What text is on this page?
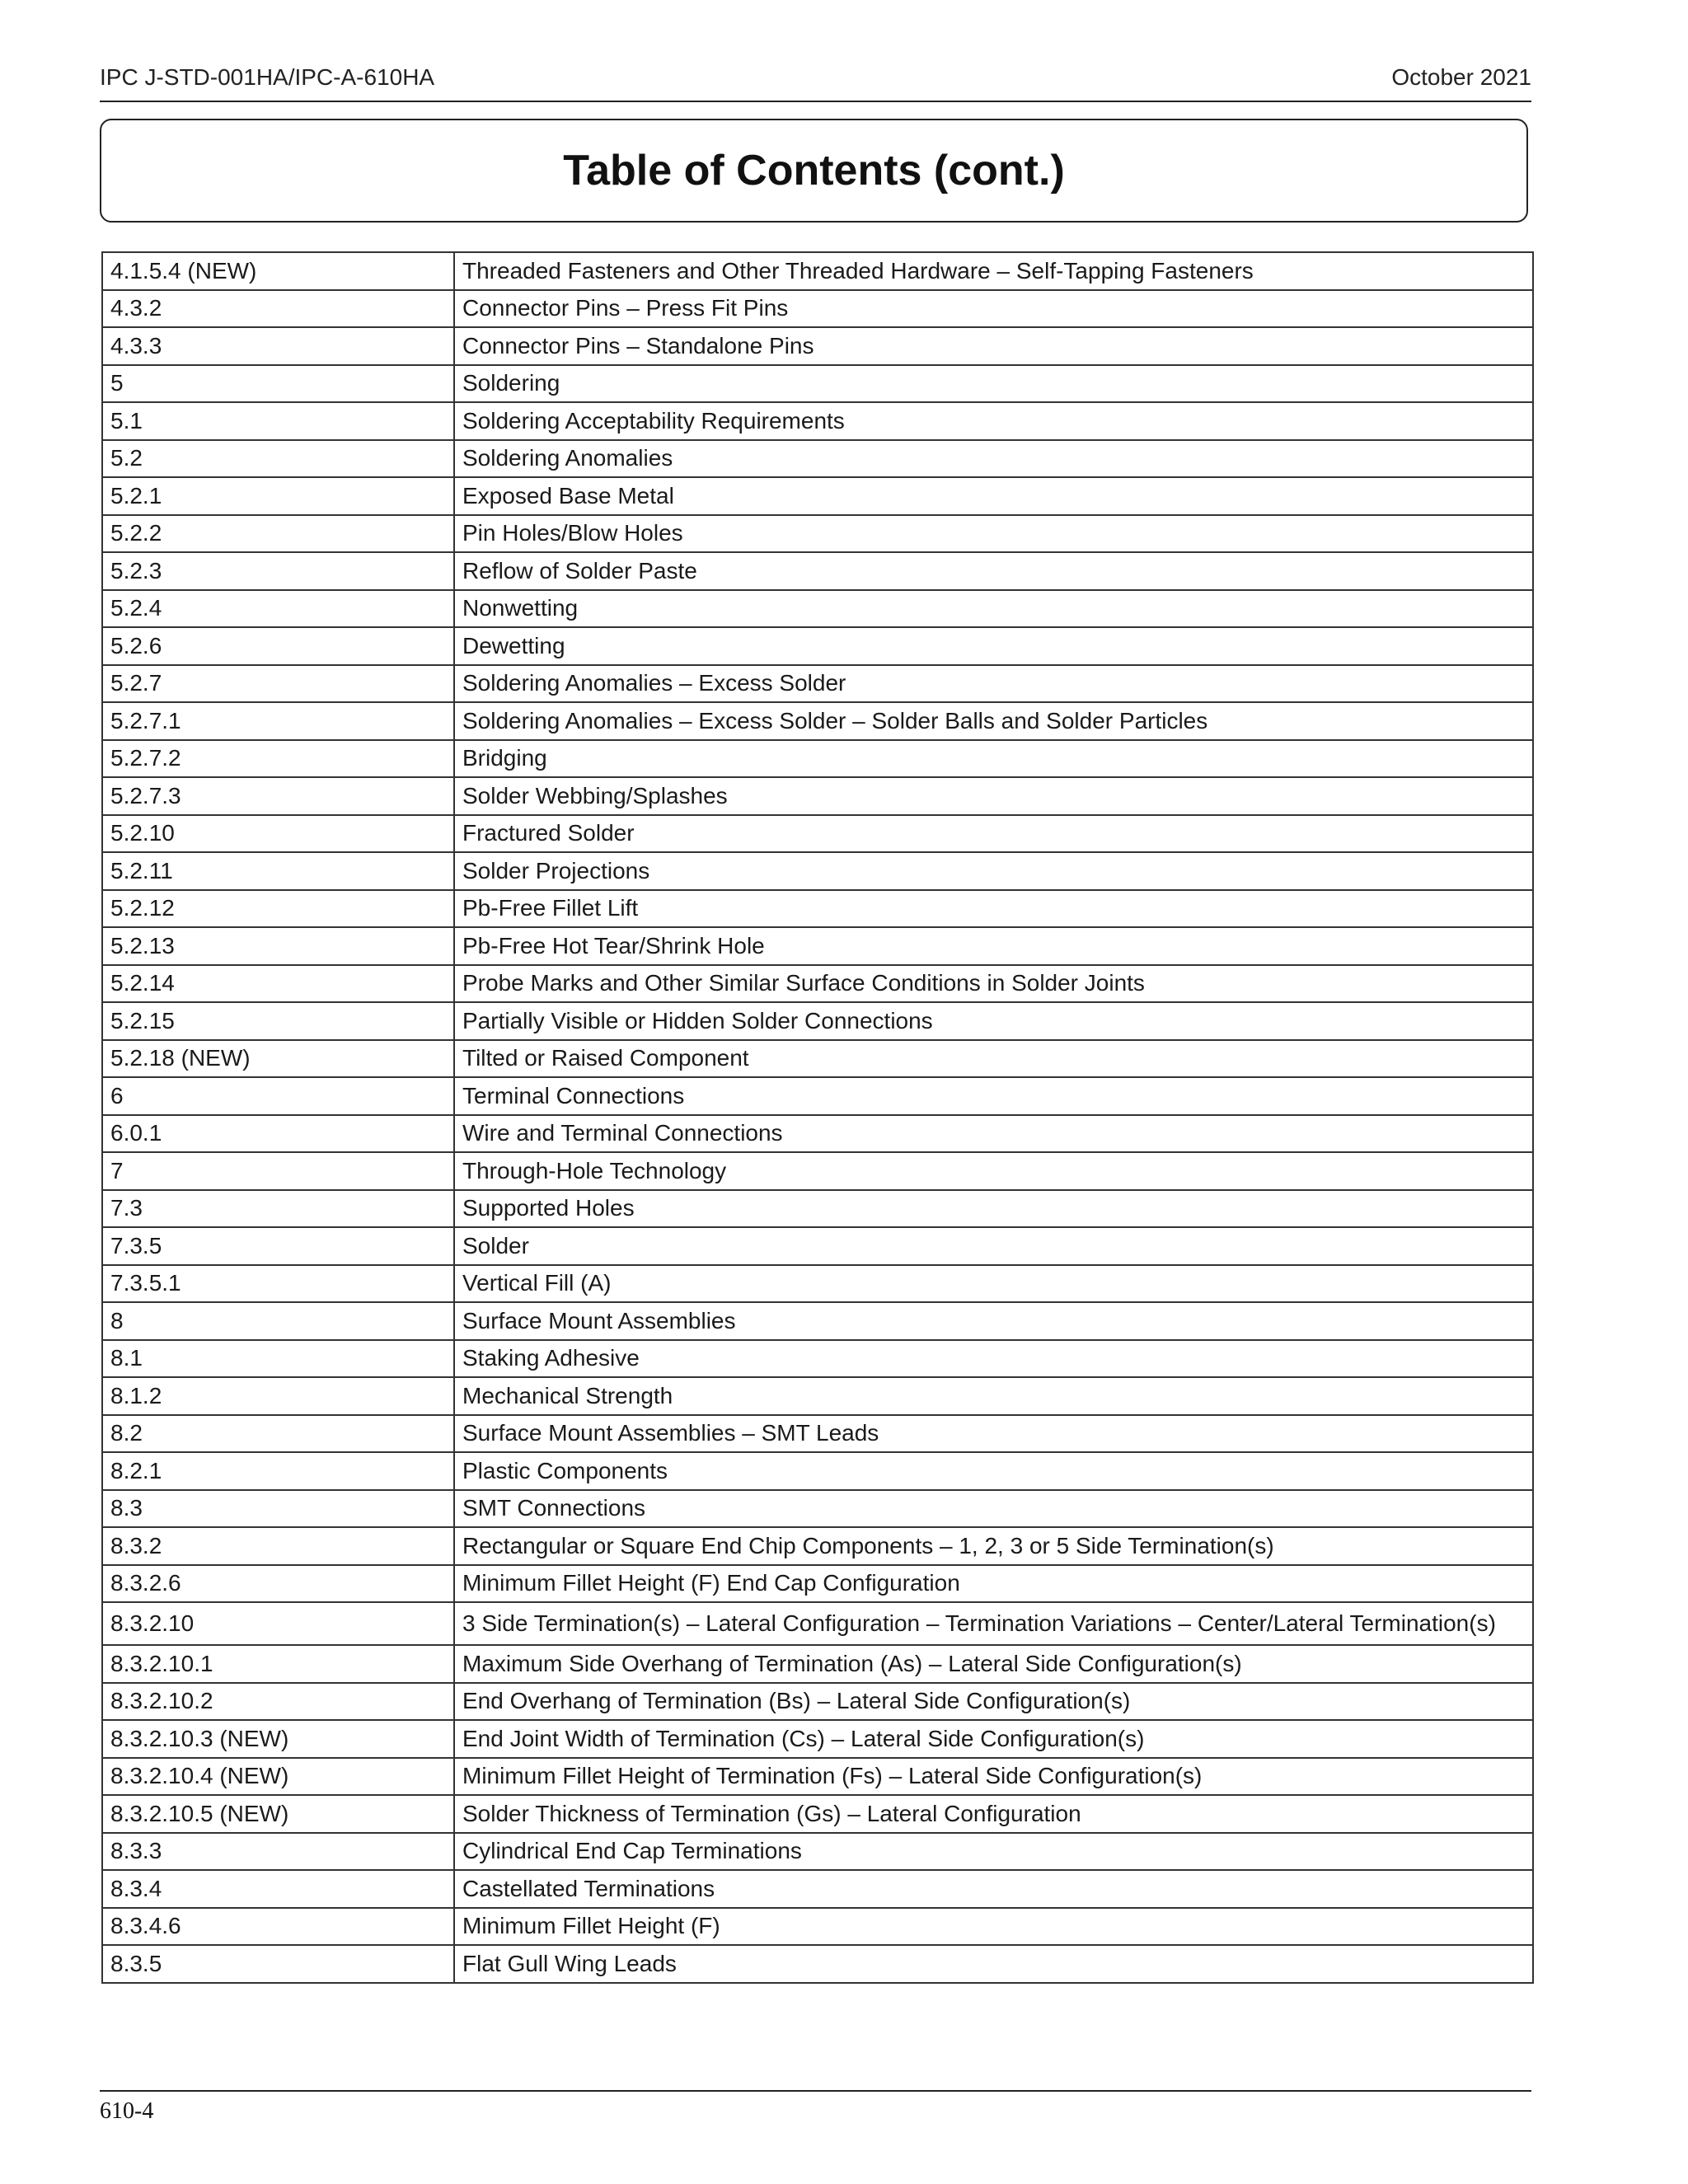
IPC J-STD-001HA/IPC-A-610HA	October 2021
Table of Contents (cont.)
4.1.5.4 (NEW)	Threaded Fasteners and Other Threaded Hardware – Self-Tapping Fasteners
4.3.2	Connector Pins – Press Fit Pins
4.3.3	Connector Pins – Standalone Pins
5	Soldering
5.1	Soldering Acceptability Requirements
5.2	Soldering Anomalies
5.2.1	Exposed Base Metal
5.2.2	Pin Holes/Blow Holes
5.2.3	Reflow of Solder Paste
5.2.4	Nonwetting
5.2.6	Dewetting
5.2.7	Soldering Anomalies – Excess Solder
5.2.7.1	Soldering Anomalies – Excess Solder – Solder Balls and Solder Particles
5.2.7.2	Bridging
5.2.7.3	Solder Webbing/Splashes
5.2.10	Fractured Solder
5.2.11	Solder Projections
5.2.12	Pb-Free Fillet Lift
5.2.13	Pb-Free Hot Tear/Shrink Hole
5.2.14	Probe Marks and Other Similar Surface Conditions in Solder Joints
5.2.15	Partially Visible or Hidden Solder Connections
5.2.18 (NEW)	Tilted or Raised Component
6	Terminal Connections
6.0.1	Wire and Terminal Connections
7	Through-Hole Technology
7.3	Supported Holes
7.3.5	Solder
7.3.5.1	Vertical Fill (A)
8	Surface Mount Assemblies
8.1	Staking Adhesive
8.1.2	Mechanical Strength
8.2	Surface Mount Assemblies – SMT Leads
8.2.1	Plastic Components
8.3	SMT Connections
8.3.2	Rectangular or Square End Chip Components – 1, 2, 3 or 5 Side Termination(s)
8.3.2.6	Minimum Fillet Height (F) End Cap Configuration
8.3.2.10	3 Side Termination(s) – Lateral Configuration – Termination Variations – Center/Lateral Termination(s)
8.3.2.10.1	Maximum Side Overhang of Termination (As) – Lateral Side Configuration(s)
8.3.2.10.2	End Overhang of Termination (Bs) – Lateral Side Configuration(s)
8.3.2.10.3 (NEW)	End Joint Width of Termination (Cs) – Lateral Side Configuration(s)
8.3.2.10.4 (NEW)	Minimum Fillet Height of Termination (Fs) – Lateral Side Configuration(s)
8.3.2.10.5 (NEW)	Solder Thickness of Termination (Gs) – Lateral Configuration
8.3.3	Cylindrical End Cap Terminations
8.3.4	Castellated Terminations
8.3.4.6	Minimum Fillet Height (F)
8.3.5	Flat Gull Wing Leads
610-4
